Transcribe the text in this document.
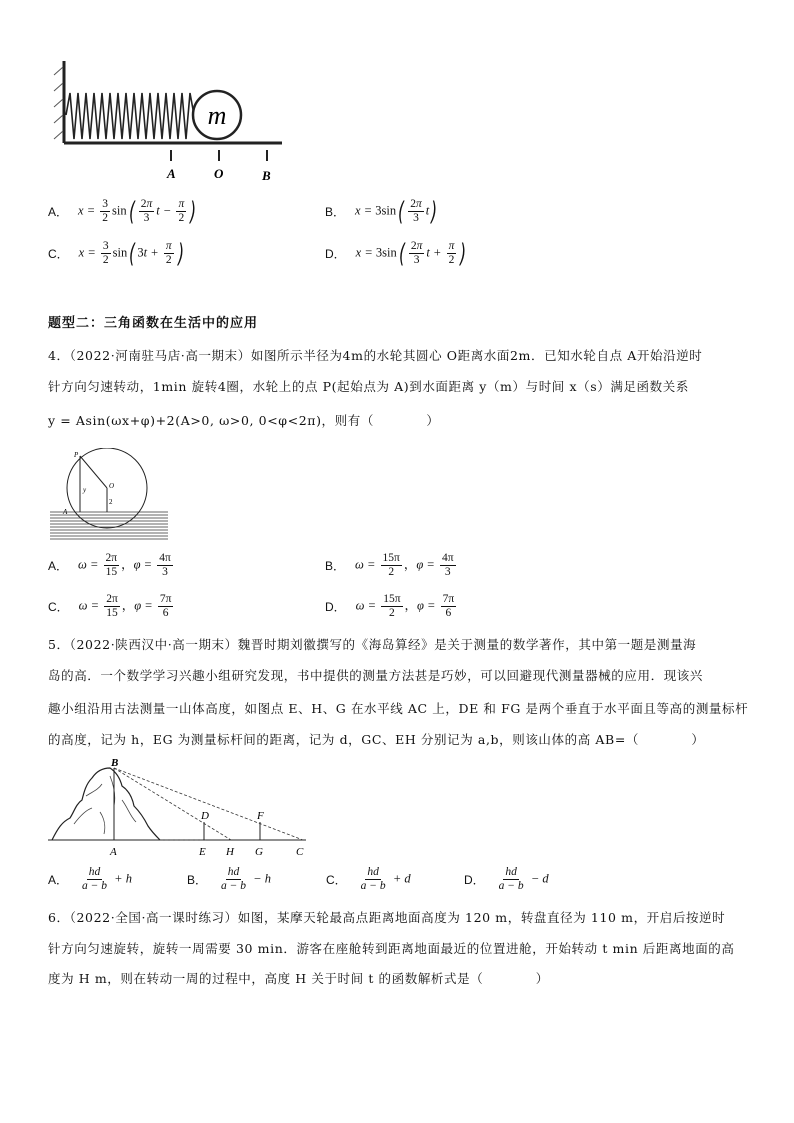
m
A	O	B
A． $x = \frac{3}{2} \sin( \frac{2\pi}{3}$ $t - \frac{\pi}{2}$ )	B． $x = 3\sin( \frac{2\pi}{3} t)$
C． $x = \frac{3}{2} \sin$( $3t + \frac{\pi}{2}$ )	D． $x = 3\sin( \frac{2\pi}{3}$ $t + \frac{\pi}{2}$ )
题型二：三角函数在生活中的应用
4．（2022·河南驻马店·高一期末）如图所示半径为4m的水轮其圆心 O距离水面2m．已知水轮自点 A开始沿逆时
针方向匀速转动，1min 旋转4圈，水轮上的点 P(起始点为 A)到水面距离 y（m）与时间 x（s）满足函数关系
y = Asin(ωx+φ)+2(A>0, ω>0, 0<φ<2π)，则有（　　　　）
P
O
y
2
A
A． $\omega = \frac{2\pi}{15}$ ，$\varphi = \frac{4\pi}{3}$	B． $\omega = \frac{15\pi}{2}$ ，$\varphi = \frac{4\pi}{3}$
C． $\omega = \frac{2\pi}{15}$ ，$\varphi = \frac{7\pi}{6}$	D． $\omega = \frac{15\pi}{2}$ ，$\varphi = \frac{7\pi}{6}$
5．（2022·陕西汉中·高一期末）魏晋时期刘徽撰写的《海岛算经》是关于测量的数学著作，其中第一题是测量海
岛的高．一个数学学习兴趣小组研究发现，书中提供的测量方法甚是巧妙，可以回避现代测量器械的应用．现该兴
趣小组沿用古法测量一山体高度，如图点 E、H、G 在水平线 AC 上，DE 和 FG 是两个垂直于水平面且等高的测量标杆
的高度，记为 h，EG 为测量标杆间的距离，记为 d，GC、EH 分别记为 a,b，则该山体的高 AB=（　　　　）
B
D	F
A	E H G	C
A． $\frac{hd}{a - b} + h$	B． $\frac{hd}{a - b} - h$	C． $\frac{hd}{a - b} + d$	D． $\frac{hd}{a - b} - d$
6．（2022·全国·高一课时练习）如图，某摩天轮最高点距离地面高度为 120 m，转盘直径为 110 m，开启后按逆时
针方向匀速旋转，旋转一周需要 30 min．游客在座舱转到距离地面最近的位置进舱，开始转动 t min 后距离地面的高
度为 H m，则在转动一周的过程中，高度 H 关于时间 t 的函数解析式是（　　　　）
